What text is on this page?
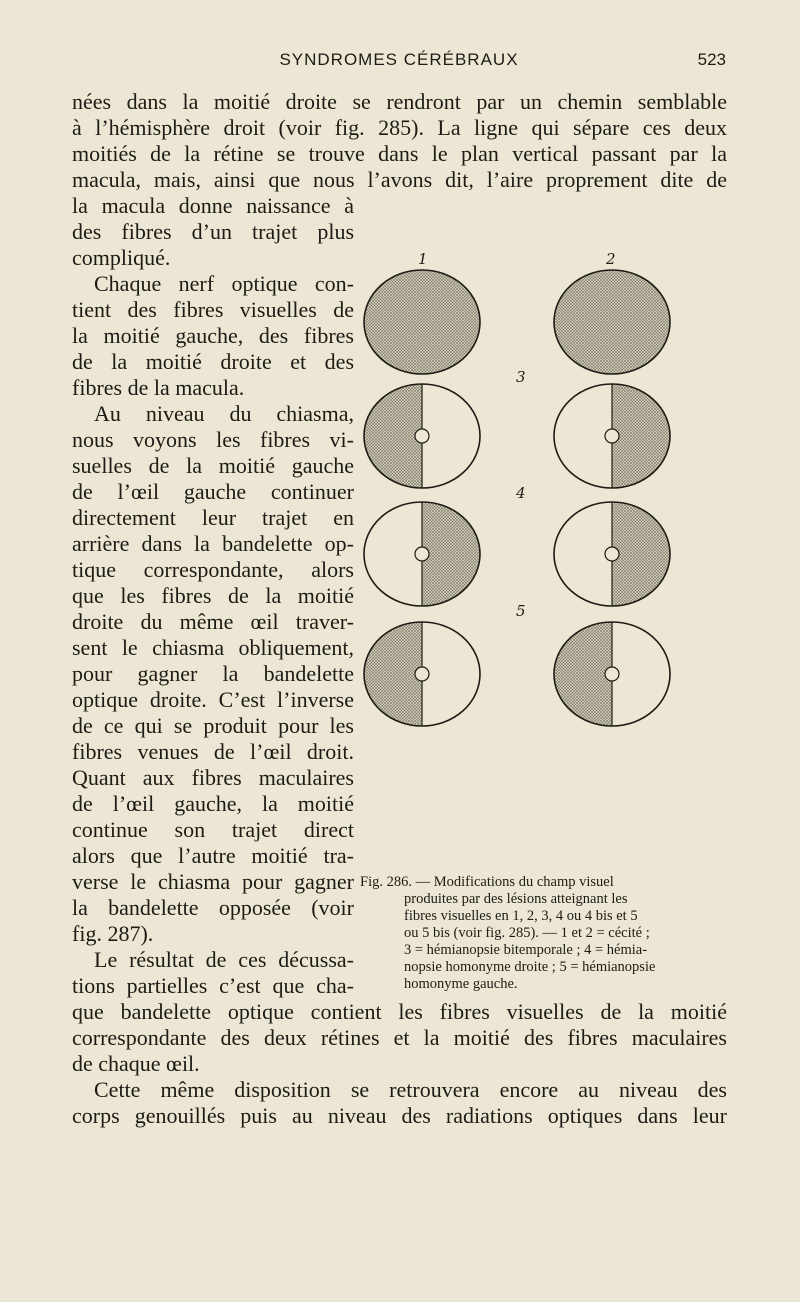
SYNDROMES CÉRÉBRAUX	523
nées dans la moitié droite se rendront par un chemin semblable
à l’hémisphère droit (voir fig. 285). La ligne qui sépare ces deux
moitiés de la rétine se trouve dans le plan vertical passant par la
macula, mais, ainsi que nous l’avons dit, l’aire proprement dite de
la macula donne naissance à
des fibres d’un trajet plus
compliqué.
Chaque nerf optique con-
tient des fibres visuelles de
la moitié gauche, des fibres
de la moitié droite et des
fibres de la macula.
Au niveau du chiasma,
nous voyons les fibres vi-
suelles de la moitié gauche
de l’œil gauche continuer
directement leur trajet en
arrière dans la bandelette op-
tique correspondante, alors
que les fibres de la moitié
droite du même œil traver-
sent le chiasma obliquement,
pour gagner la bandelette
optique droite. C’est l’inverse
de ce qui se produit pour les
fibres venues de l’œil droit.
Quant aux fibres maculaires
de l’œil gauche, la moitié
continue son trajet direct
alors que l’autre moitié tra-
verse le chiasma pour gagner
la bandelette opposée (voir
fig. 287).
Le résultat de ces décussa-
tions partielles c’est que cha-
que bandelette optique contient les fibres visuelles de la moitié
correspondante des deux rétines et la moitié des fibres maculaires
de chaque œil.
Cette même disposition se retrouvera encore au niveau des
corps genouillés puis au niveau des radiations optiques dans leur
1	2
3
4
5
Fig. 286. — Modifications du champ visuel
produites par des lésions atteignant les
fibres visuelles en 1, 2, 3, 4 ou 4 bis et 5
ou 5 bis (voir fig. 285). — 1 et 2 = cécité ;
3 = hémianopsie bitemporale ; 4 = hémia-
nopsie homonyme droite ; 5 = hémianopsie
homonyme gauche.
